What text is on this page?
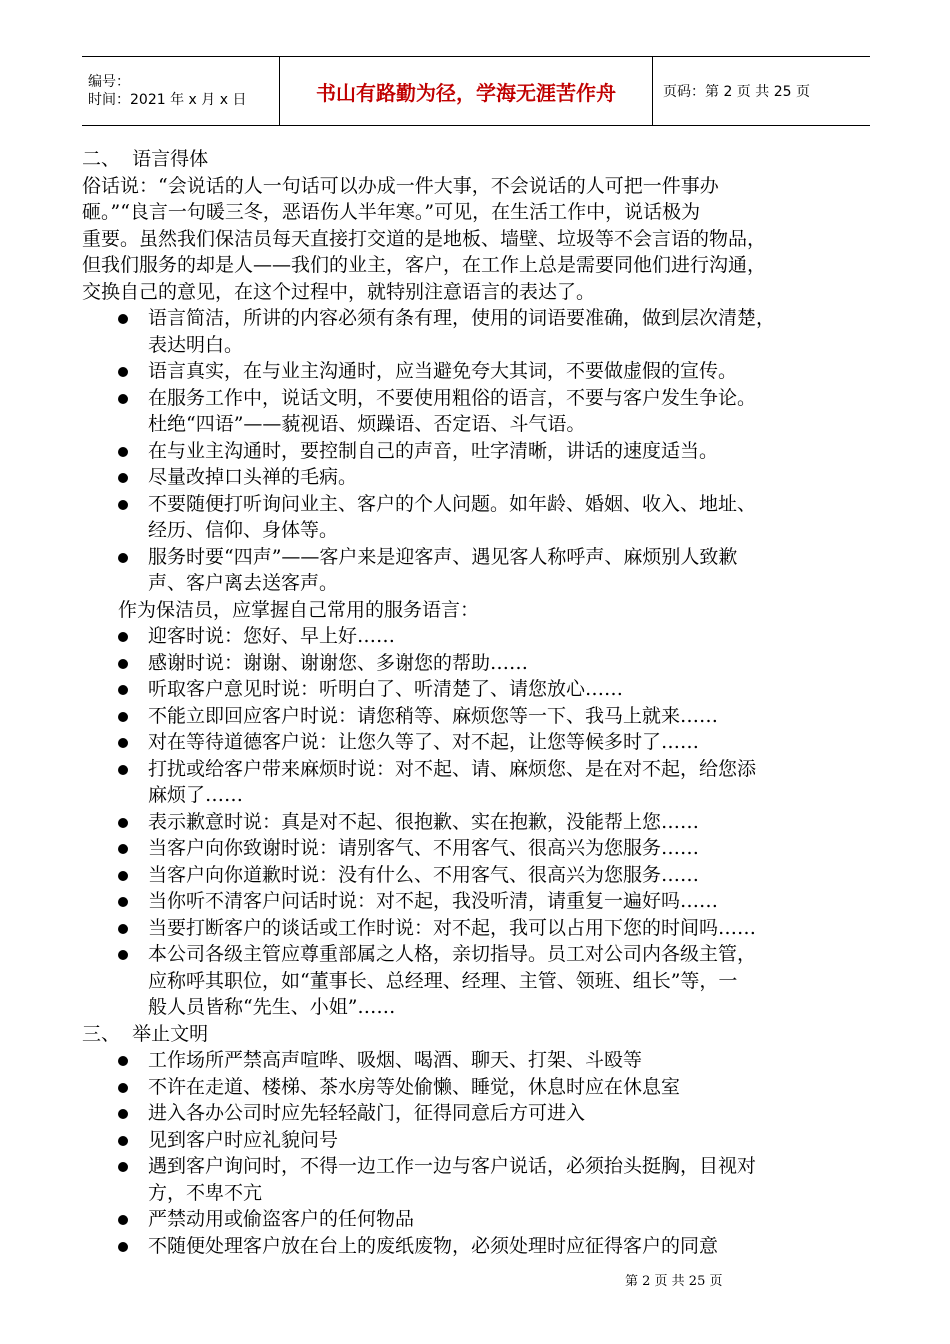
编号：
时间：2021 年 x 月 x 日	书山有路勤为径，学海无涯苦作舟	页码：第 2 页 共 25 页
二、  语言得体
俗话说：“会说话的人一句话可以办成一件大事，不会说话的人可把一件事办
砸。”“良言一句暖三冬，恶语伤人半年寒。”可见，在生活工作中，说话极为
重要。虽然我们保洁员每天直接打交道的是地板、墙壁、垃圾等不会言语的物品，
但我们服务的却是人——我们的业主，客户，在工作上总是需要同他们进行沟通，
交换自己的意见，在这个过程中，就特别注意语言的表达了。
语言简洁，所讲的内容必须有条有理，使用的词语要准确，做到层次清楚，
表达明白。
语言真实，在与业主沟通时，应当避免夸大其词，不要做虚假的宣传。
在服务工作中，说话文明，不要使用粗俗的语言，不要与客户发生争论。
杜绝“四语”——藐视语、烦躁语、否定语、斗气语。
在与业主沟通时，要控制自己的声音，吐字清晰，讲话的速度适当。
尽量改掉口头禅的毛病。
不要随便打听询问业主、客户的个人问题。如年龄、婚姻、收入、地址、
经历、信仰、身体等。
服务时要“四声”——客户来是迎客声、遇见客人称呼声、麻烦别人致歉
声、客户离去送客声。
作为保洁员，应掌握自己常用的服务语言：
迎客时说：您好、早上好……
感谢时说：谢谢、谢谢您、多谢您的帮助……
听取客户意见时说：听明白了、听清楚了、请您放心……
不能立即回应客户时说：请您稍等、麻烦您等一下、我马上就来……
对在等待道德客户说：让您久等了、对不起，让您等候多时了……
打扰或给客户带来麻烦时说：对不起、请、麻烦您、是在对不起，给您添
麻烦了……
表示歉意时说：真是对不起、很抱歉、实在抱歉，没能帮上您……
当客户向你致谢时说：请别客气、不用客气、很高兴为您服务……
当客户向你道歉时说：没有什么、不用客气、很高兴为您服务……
当你听不清客户问话时说：对不起，我没听清，请重复一遍好吗……
当要打断客户的谈话或工作时说：对不起，我可以占用下您的时间吗……
本公司各级主管应尊重部属之人格，亲切指导。员工对公司内各级主管，
应称呼其职位，如“董事长、总经理、经理、主管、领班、组长”等，一
般人员皆称“先生、小姐”……
三、  举止文明
工作场所严禁高声喧哗、吸烟、喝酒、聊天、打架、斗殴等
不许在走道、楼梯、茶水房等处偷懒、睡觉，休息时应在休息室
进入各办公司时应先轻轻敲门，征得同意后方可进入
见到客户时应礼貌问号
遇到客户询问时，不得一边工作一边与客户说话，必须抬头挺胸，目视对
方，不卑不亢
严禁动用或偷盗客户的任何物品
不随便处理客户放在台上的废纸废物，必须处理时应征得客户的同意
第 2 页 共 25 页
